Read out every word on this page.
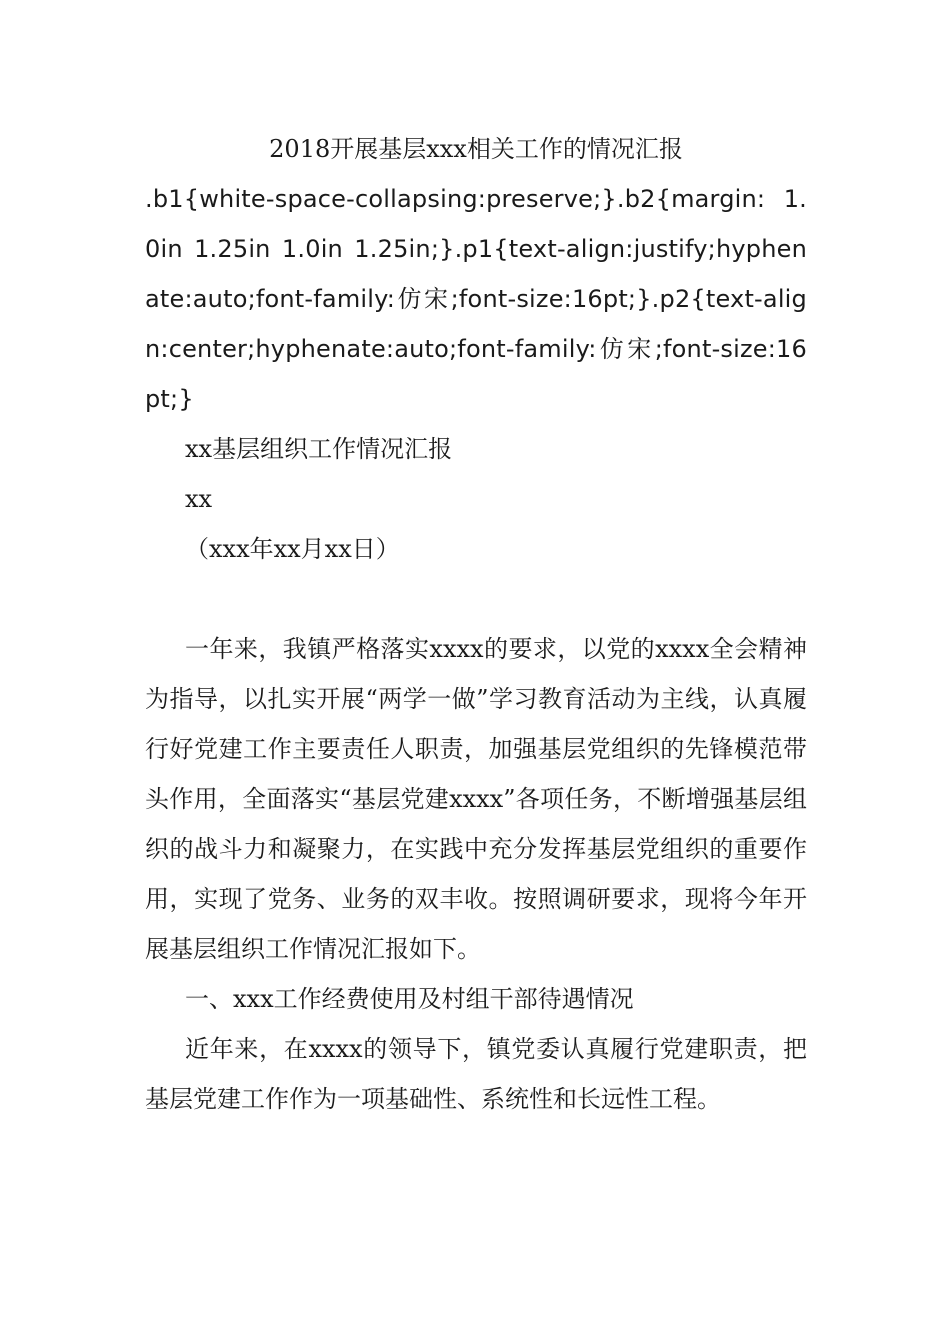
2018开展基层xxx相关工作的情况汇报

.b1{white-space-collapsing:preserve;}.b2{margin: 1.0in 1.25in 1.0in 1.25in;}.p1{text-align:justify;hyphenate:auto;font-family:仿宋;font-size:16pt;}.p2{text-align:center;hyphenate:auto;font-family:仿宋;font-size:16pt;}

xx基层组织工作情况汇报

xx

（xxx年xx月xx日）

一年来，我镇严格落实xxxx的要求，以党的xxxx全会精神为指导，以扎实开展“两学一做”学习教育活动为主线，认真履行好党建工作主要责任人职责，加强基层党组织的先锋模范带头作用，全面落实“基层党建xxxx”各项任务，不断增强基层组织的战斗力和凝聚力，在实践中充分发挥基层党组织的重要作用，实现了党务、业务的双丰收。按照调研要求，现将今年开展基层组织工作情况汇报如下。

一、xxx工作经费使用及村组干部待遇情况

近年来，在xxxx的领导下，镇党委认真履行党建职责，把基层党建工作作为一项基础性、系统性和长远性工程。
